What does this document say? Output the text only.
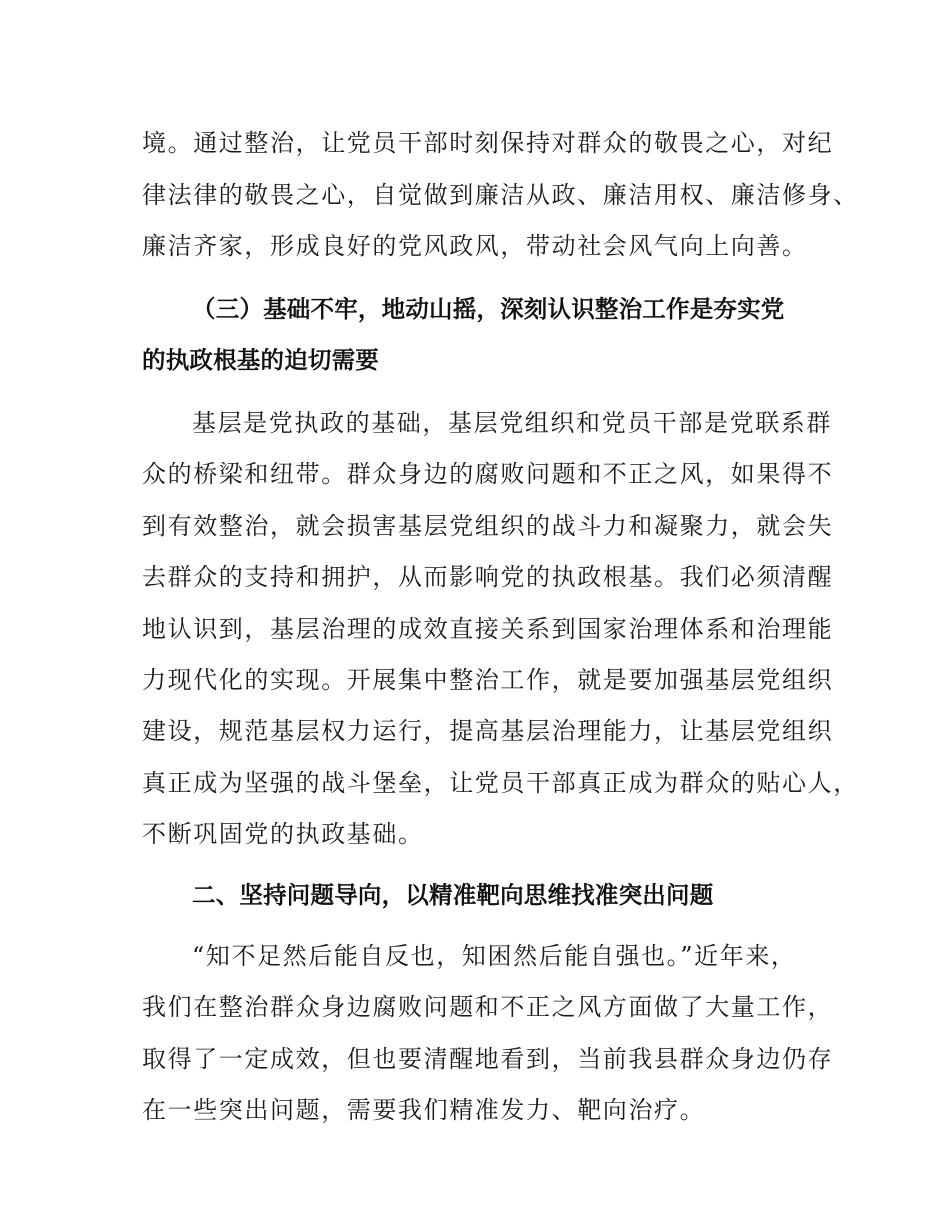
境。通过整治，让党员干部时刻保持对群众的敬畏之心，对纪
律法律的敬畏之心，自觉做到廉洁从政、廉洁用权、廉洁修身、
廉洁齐家，形成良好的党风政风，带动社会风气向上向善。
（三）基础不牢，地动山摇，深刻认识整治工作是夯实党
的执政根基的迫切需要
基层是党执政的基础，基层党组织和党员干部是党联系群
众的桥梁和纽带。群众身边的腐败问题和不正之风，如果得不
到有效整治，就会损害基层党组织的战斗力和凝聚力，就会失
去群众的支持和拥护，从而影响党的执政根基。我们必须清醒
地认识到，基层治理的成效直接关系到国家治理体系和治理能
力现代化的实现。开展集中整治工作，就是要加强基层党组织
建设，规范基层权力运行，提高基层治理能力，让基层党组织
真正成为坚强的战斗堡垒，让党员干部真正成为群众的贴心人，
不断巩固党的执政基础。
二、坚持问题导向，以精准靶向思维找准突出问题
“知不足然后能自反也，知困然后能自强也。”近年来，
我们在整治群众身边腐败问题和不正之风方面做了大量工作，
取得了一定成效，但也要清醒地看到，当前我县群众身边仍存
在一些突出问题，需要我们精准发力、靶向治疗。
